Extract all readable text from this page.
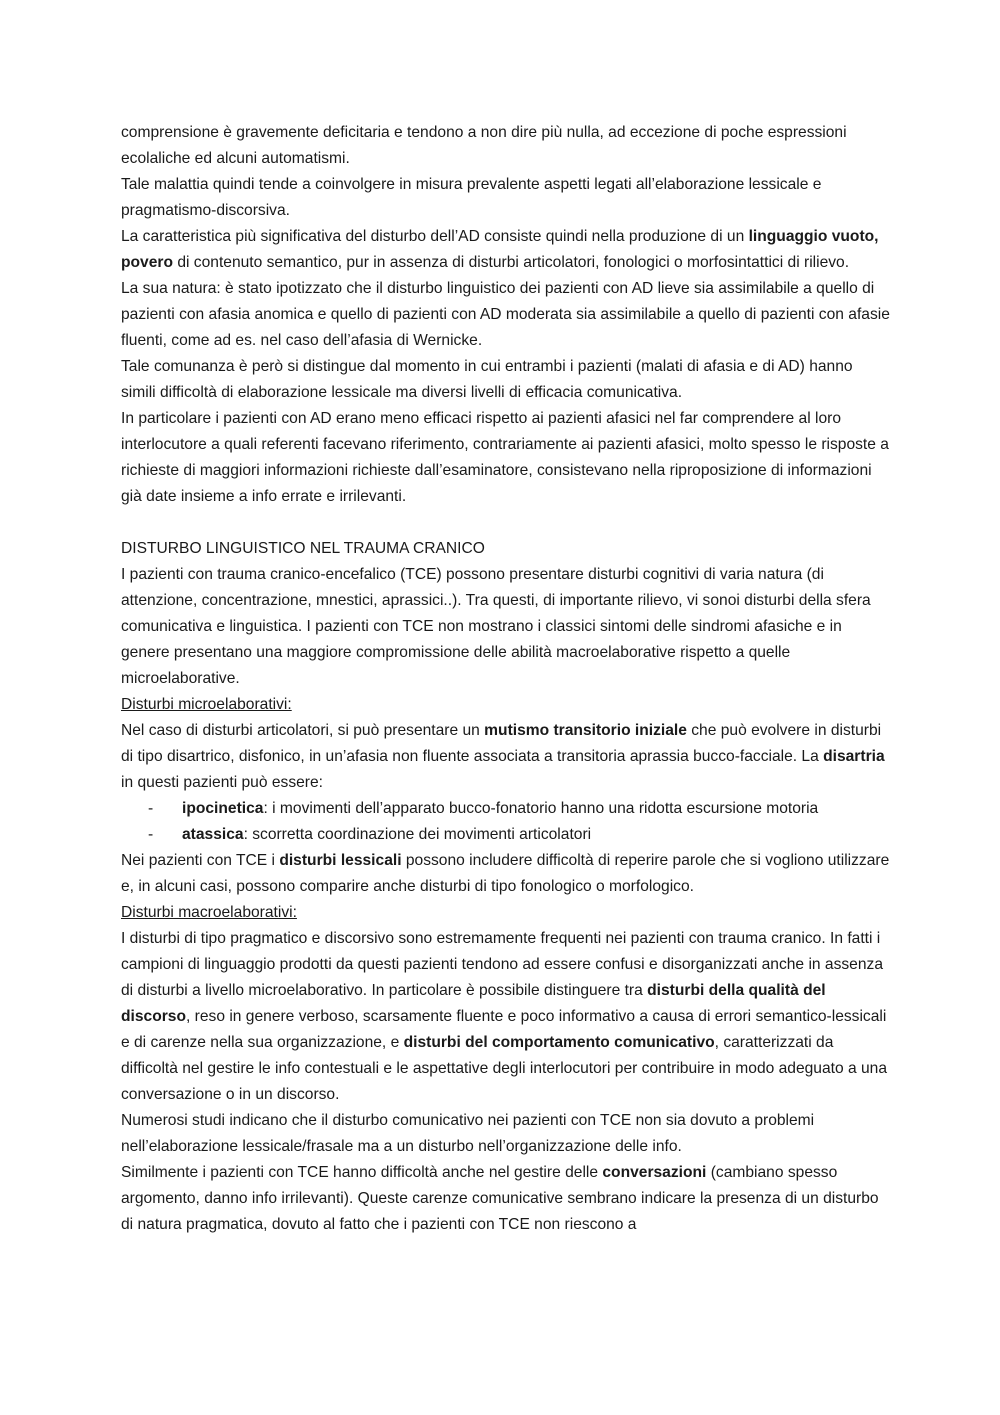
comprensione è gravemente deficitaria e tendono a non dire più nulla, ad eccezione di poche espressioni ecolaliche ed alcuni automatismi.

Tale malattia quindi tende a coinvolgere in misura prevalente aspetti legati all’elaborazione lessicale e pragmatismo-discorsiva.

La caratteristica più significativa del disturbo dell’AD consiste quindi nella produzione di un linguaggio vuoto, povero di contenuto semantico, pur in assenza di disturbi articolatori, fonologici o morfosintattici di rilievo.

La sua natura: è stato ipotizzato che il disturbo linguistico dei pazienti con AD lieve sia assimilabile a quello di pazienti con afasia anomica e quello di pazienti con AD moderata sia assimilabile a quello di pazienti con afasie fluenti, come ad es. nel caso dell’afasia di Wernicke.

Tale comunanza è però si distingue dal momento in cui entrambi i pazienti (malati di afasia e di AD) hanno simili difficoltà di elaborazione lessicale ma diversi livelli di efficacia comunicativa.

In particolare i pazienti con AD erano meno efficaci rispetto ai pazienti afasici nel far comprendere al loro interlocutore a quali referenti facevano riferimento, contrariamente ai pazienti afasici, molto spesso le risposte a richieste di maggiori informazioni richieste dall’esaminatore, consistevano nella riproposizione di informazioni già date insieme a info errate e irrilevanti.

DISTURBO LINGUISTICO NEL TRAUMA CRANICO

I pazienti con trauma cranico-encefalico (TCE) possono presentare disturbi cognitivi di varia natura (di attenzione, concentrazione, mnestici, aprassici..). Tra questi, di importante rilievo, vi sonoi disturbi della sfera comunicativa e linguistica. I pazienti con TCE non mostrano i classici sintomi delle sindromi afasiche e in genere presentano una maggiore compromissione delle abilità macroelaborative rispetto a quelle microelaborative.

Disturbi microelaborativi:

Nel caso di disturbi articolatori, si può presentare un mutismo transitorio iniziale che può evolvere in disturbi di tipo disartrico, disfonico, in un’afasia non fluente associata a transitoria aprassia bucco-facciale. La disartria in questi pazienti può essere:

- ipocinetica: i movimenti dell’apparato bucco-fonatorio hanno una ridotta escursione motoria
- atassica: scorretta coordinazione dei movimenti articolatori

Nei pazienti con TCE i disturbi lessicali possono includere difficoltà di reperire parole che si vogliono utilizzare e, in alcuni casi, possono comparire anche disturbi di tipo fonologico o morfologico.

Disturbi macroelaborativi:

I disturbi di tipo pragmatico e discorsivo sono estremamente frequenti nei pazienti con trauma cranico. In fatti i campioni di linguaggio prodotti da questi pazienti tendono ad essere confusi e disorganizzati anche in assenza di disturbi a livello microelaborativo. In particolare è possibile distinguere tra disturbi della qualità del discorso, reso in genere verboso, scarsamente fluente e poco informativo a causa di errori semantico-lessicali e di carenze nella sua organizzazione, e disturbi del comportamento comunicativo, caratterizzati da difficoltà nel gestire le info contestuali e le aspettative degli interlocutori per contribuire in modo adeguato a una conversazione o in un discorso.

Numerosi studi indicano che il disturbo comunicativo nei pazienti con TCE non sia dovuto a problemi nell’elaborazione lessicale/frasale ma a un disturbo nell’organizzazione delle info.

Similmente i pazienti con TCE hanno difficoltà anche nel gestire delle conversazioni (cambiano spesso argomento, danno info irrilevanti). Queste carenze comunicative sembrano indicare la presenza di un disturbo di natura pragmatica, dovuto al fatto che i pazienti con TCE non riescono a
